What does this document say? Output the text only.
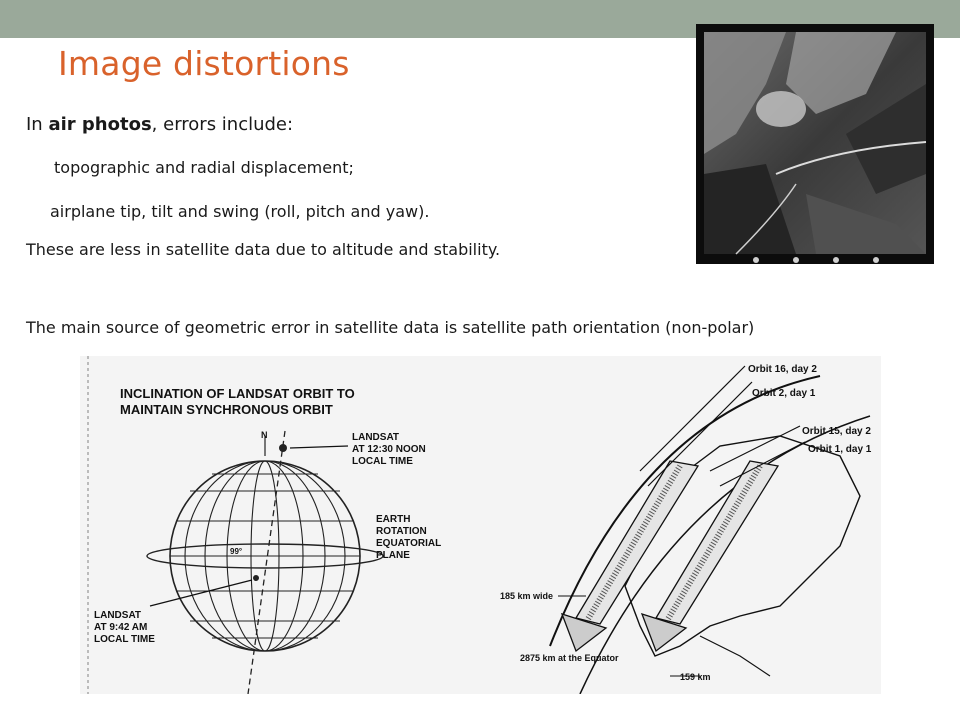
Image distortions
In air photos, errors include:
topographic and radial displacement;
airplane tip, tilt and swing (roll, pitch and yaw).
These are less in satellite data due to altitude and stability.
The main source of geometric error in satellite data is satellite path orientation (non-polar)
INCLINATION OF LANDSAT ORBIT TO
MAINTAIN SYNCHRONOUS ORBIT
N
99°
LANDSAT
AT 12:30 NOON
LOCAL TIME
EARTH
ROTATION
EQUATORIAL
PLANE
LANDSAT
AT 9:42 AM
LOCAL TIME
Orbit 16, day 2
Orbit 2, day 1
Orbit 15, day 2
Orbit 1, day 1
185 km wide
2875 km at the Equator
159 km
